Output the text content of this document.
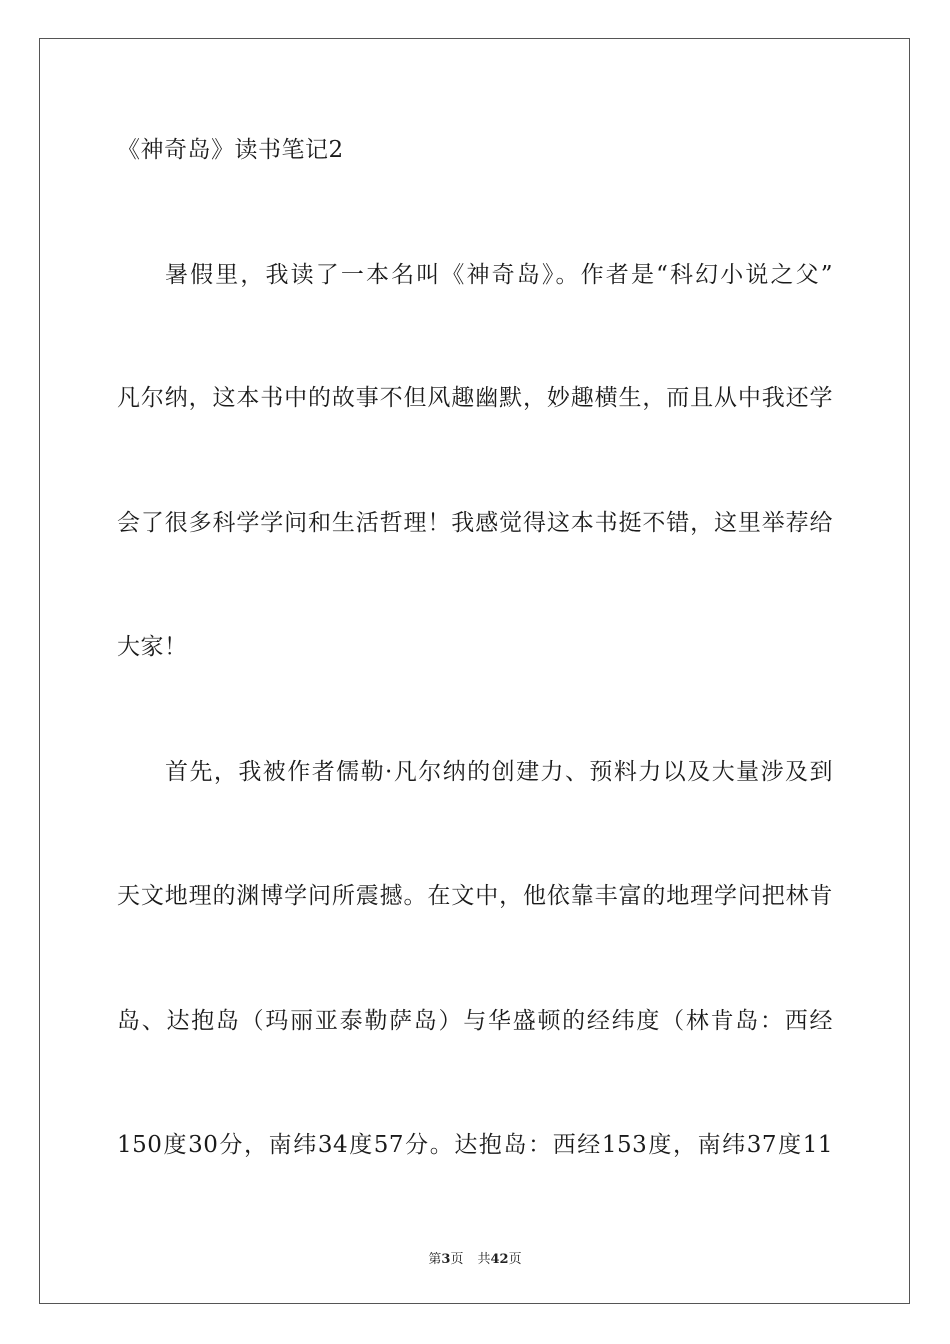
《神奇岛》读书笔记2
暑假里，我读了一本名叫《神奇岛》。作者是“科幻小说之父”
凡尔纳，这本书中的故事不但风趣幽默，妙趣横生，而且从中我还学
会了很多科学学问和生活哲理！我感觉得这本书挺不错，这里举荐给
大家！
首先，我被作者儒勒·凡尔纳的创建力、预料力以及大量涉及到
天文地理的渊博学问所震撼。在文中，他依靠丰富的地理学问把林肯
岛、达抱岛（玛丽亚泰勒萨岛）与华盛顿的经纬度（林肯岛：西经
150度30分，南纬34度57分。达抱岛：西经153度，南纬37度11
第3页 共42页
